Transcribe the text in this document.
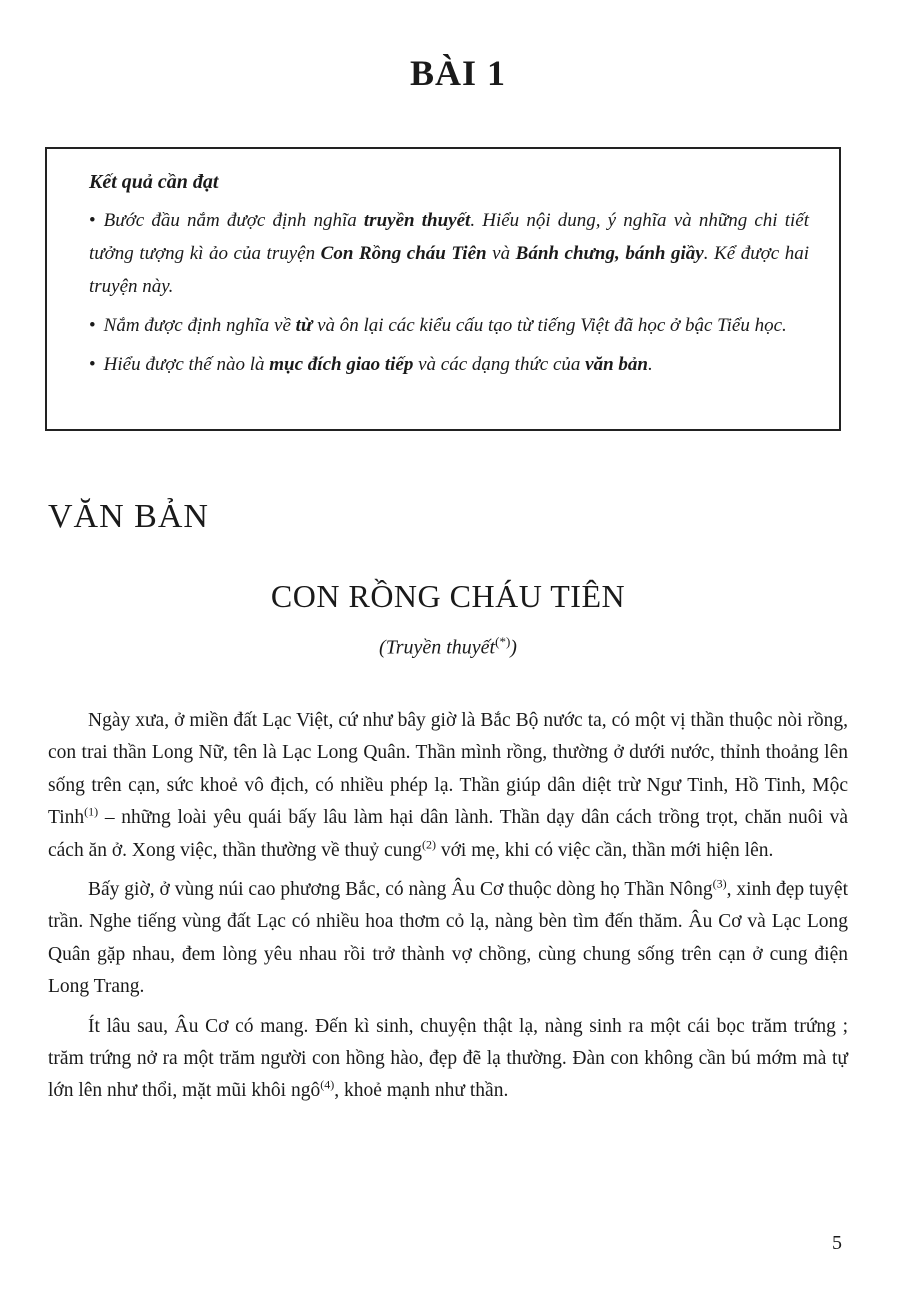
BÀI 1
Kết quả cần đạt

• Bước đầu nắm được định nghĩa truyền thuyết. Hiểu nội dung, ý nghĩa và những chi tiết tưởng tượng kì ảo của truyện Con Rồng cháu Tiên và Bánh chưng, bánh giầy. Kể được hai truyện này.

• Nắm được định nghĩa về từ và ôn lại các kiểu cấu tạo từ tiếng Việt đã học ở bậc Tiểu học.

• Hiểu được thế nào là mục đích giao tiếp và các dạng thức của văn bản.

VĂN BẢN
CON RỒNG CHÁU TIÊN
(Truyền thuyết(*))

Ngày xưa, ở miền đất Lạc Việt, cứ như bây giờ là Bắc Bộ nước ta, có một vị thần thuộc nòi rồng, con trai thần Long Nữ, tên là Lạc Long Quân. Thần mình rồng, thường ở dưới nước, thỉnh thoảng lên sống trên cạn, sức khoẻ vô địch, có nhiều phép lạ. Thần giúp dân diệt trừ Ngư Tinh, Hồ Tinh, Mộc Tinh$^{(1)}$ – những loài yêu quái bấy lâu làm hại dân lành. Thần dạy dân cách trồng trọt, chăn nuôi và cách ăn ở. Xong việc, thần thường về thuỷ cung$^{(2)}$ với mẹ, khi có việc cần, thần mới hiện lên.

Bấy giờ, ở vùng núi cao phương Bắc, có nàng Âu Cơ thuộc dòng họ Thần Nông$^{(3)}$, xinh đẹp tuyệt trần. Nghe tiếng vùng đất Lạc có nhiều hoa thơm cỏ lạ, nàng bèn tìm đến thăm. Âu Cơ và Lạc Long Quân gặp nhau, đem lòng yêu nhau rồi trở thành vợ chồng, cùng chung sống trên cạn ở cung điện Long Trang.

Ít lâu sau, Âu Cơ có mang. Đến kì sinh, chuyện thật lạ, nàng sinh ra một cái bọc trăm trứng ; trăm trứng nở ra một trăm người con hồng hào, đẹp đẽ lạ thường. Đàn con không cần bú mớm mà tự lớn lên như thổi, mặt mũi khôi ngô$^{(4)}$, khoẻ mạnh như thần.

5
